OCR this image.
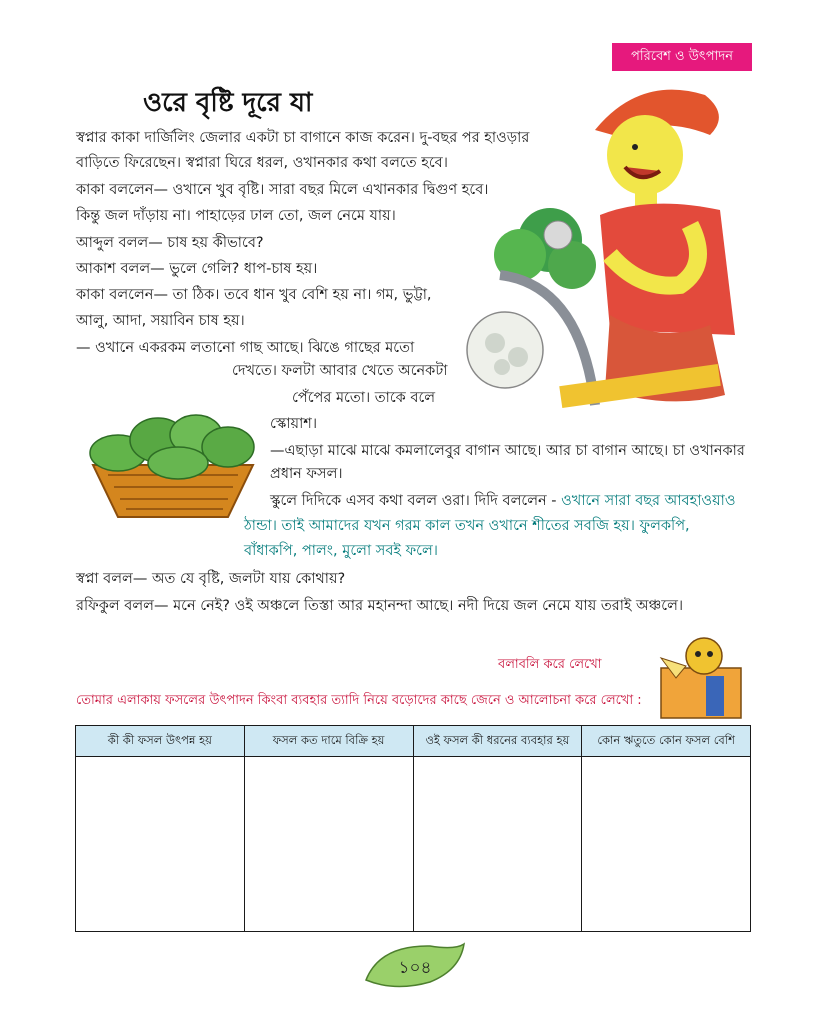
পরিবেশ ও উৎপাদন
ওরে বৃষ্টি দূরে যা
স্বপ্নার কাকা দার্জিলিং জেলার একটা চা বাগানে কাজ করেন। দু-বছর পর হাওড়ার
বাড়িতে ফিরেছেন। স্বপ্নারা ঘিরে ধরল, ওখানকার কথা বলতে হবে।
কাকা বললেন— ওখানে খুব বৃষ্টি। সারা বছর মিলে এখানকার দ্বিগুণ হবে।
কিন্তু জল দাঁড়ায় না। পাহাড়ের ঢাল তো, জল নেমে যায়।
আব্দুল বলল— চাষ হয় কীভাবে?
আকাশ বলল— ভুলে গেলি? ধাপ-চাষ হয়।
কাকা বললেন— তা ঠিক। তবে ধান খুব বেশি হয় না। গম, ভুট্টা,
আলু, আদা, সয়াবিন চাষ হয়।
— ওখানে একরকম লতানো গাছ আছে। ঝিঙে গাছের মতো
দেখতে। ফলটা আবার খেতে অনেকটা
পেঁপের মতো। তাকে বলে
স্কোয়াশ।
—এছাড়া মাঝে মাঝে কমলালেবুর বাগান আছে। আর চা বাগান আছে। চা ওখানকার
প্রধান ফসল।
স্কুলে দিদিকে এসব কথা বলল ওরা। দিদি বললেন - ওখানে সারা বছর আবহাওয়াও
ঠান্ডা। তাই আমাদের যখন গরম কাল তখন ওখানে শীতের সবজি হয়। ফুলকপি,
বাঁধাকপি, পালং, মুলো সবই ফলে।
স্বপ্না বলল— অত যে বৃষ্টি, জলটা যায় কোথায়?
রফিকুল বলল— মনে নেই? ওই অঞ্চলে তিস্তা আর মহানন্দা আছে। নদী দিয়ে জল নেমে যায় তরাই অঞ্চলে।
বলাবলি করে লেখো
তোমার এলাকায় ফসলের উৎপাদন কিংবা ব্যবহার ত্যাদি নিয়ে বড়োদের কাছে জেনে ও আলোচনা করে লেখো :
কী কী ফসল উৎপন্ন হয়	ফসল কত দামে বিক্রি হয়	ওই ফসল কী ধরনের ব্যবহার হয়	কোন ঋতুতে কোন ফসল বেশি

১০৪
